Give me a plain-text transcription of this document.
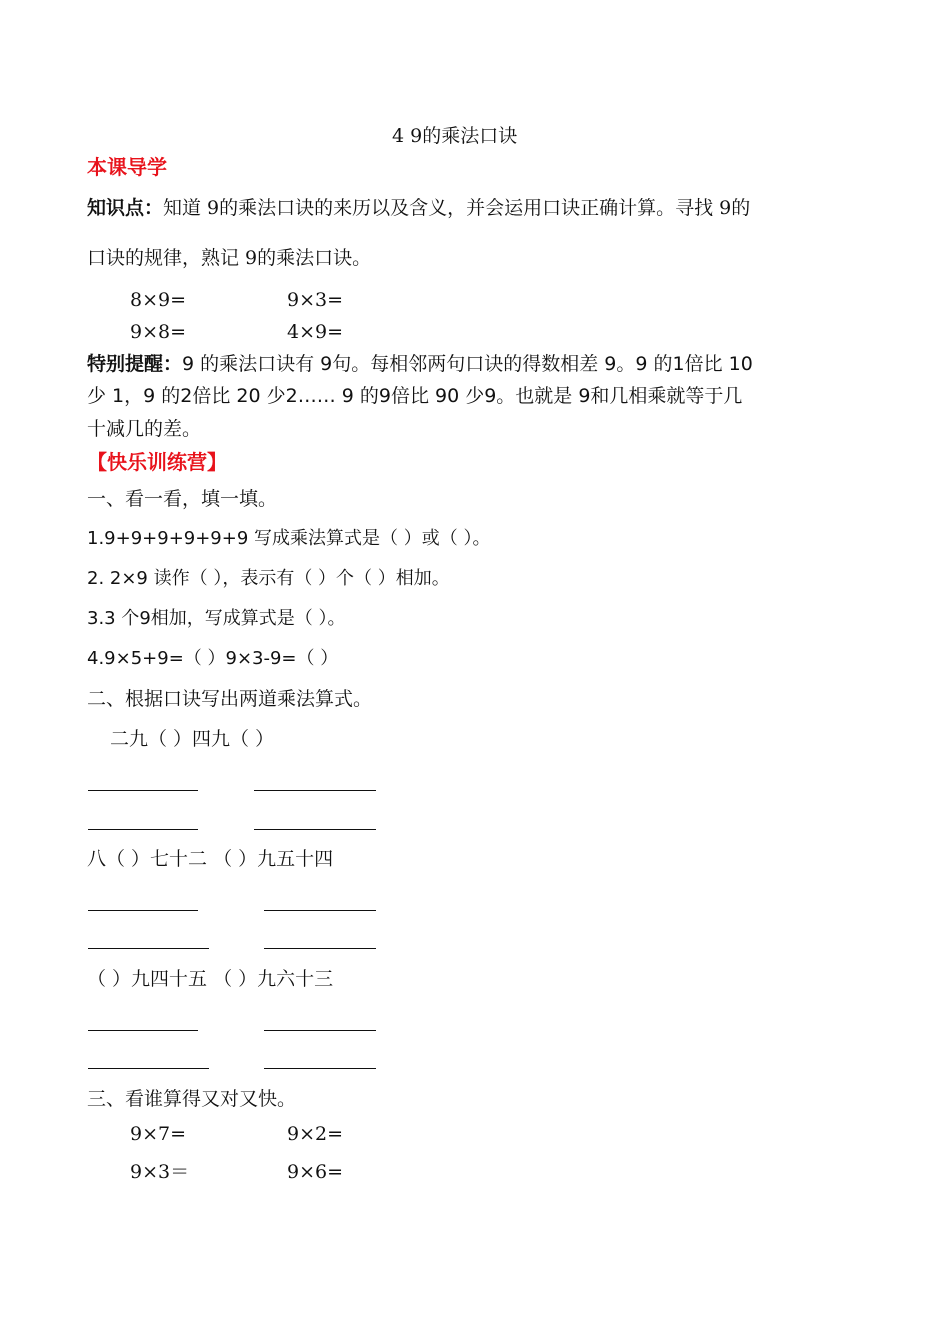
4 9的乘法口诀
本课导学
知识点：知道 9的乘法口诀的来历以及含义，并会运用口诀正确计算。寻找 9的
口诀的规律，熟记 9的乘法口诀。
8×9=	9×3=
9×8=	4×9=
特别提醒：9 的乘法口诀有 9句。每相邻两句口诀的得数相差 9。9 的1倍比 10
少 1，9 的2倍比 20 少2…… 9 的9倍比 90 少9。也就是 9和几相乘就等于几
十减几的差。
【快乐训练营】
一、看一看，填一填。
1.9+9+9+9+9+9 写成乘法算式是（ ）或（ ）。
2. 2×9 读作（ ），表示有（ ）个（ ）相加。
3.3 个9相加，写成算式是（ ）。
4.9×5+9=（ ）9×3-9=（ ）
二、根据口诀写出两道乘法算式。
二九（ ）四九（ ）
八（ ）七十二 （ ）九五十四
（ ）九四十五 （ ）九六十三
三、看谁算得又对又快。
9×7=	9×2=
9×3＝	9×6=
